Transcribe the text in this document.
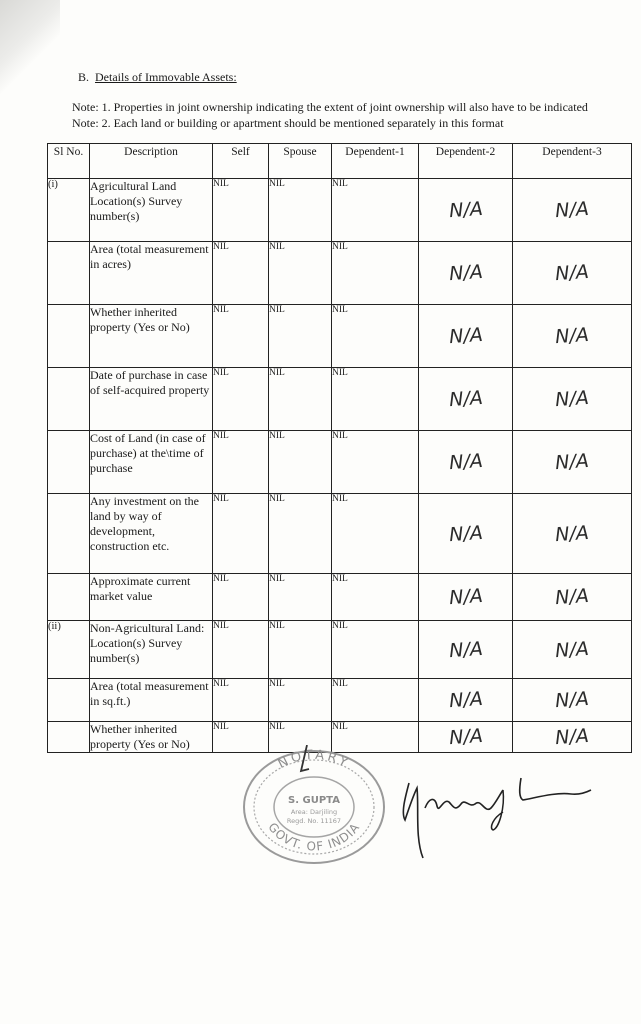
B. Details of Immovable Assets:
Note: 1. Properties in joint ownership indicating the extent of joint ownership will also have to be indicated
Note: 2. Each land or building or apartment should be mentioned separately in this format
Sl No.	Description	Self	Spouse	Dependent-1	Dependent-2	Dependent-3
(i)	Agricultural Land Location(s) Survey number(s)	NIL	NIL	NIL	N/A	N/A

	Area (total measurement in acres)	NIL	NIL	NIL	N/A	N/A

	Whether inherited property (Yes or No)	NIL	NIL	NIL	N/A	N/A

	Date of purchase in case of self-acquired property	NIL	NIL	NIL	N/A	N/A

	Cost of Land (in case of purchase) at the\time of purchase	NIL	NIL	NIL	N/A	N/A

	Any investment on the land by way of development, construction etc.	NIL	NIL	NIL	N/A	N/A

	Approximate current market value	NIL	NIL	NIL	N/A	N/A

(ii)	Non-Agricultural Land: Location(s) Survey number(s)	NIL	NIL	NIL	N/A	N/A

	Area (total measurement in sq.ft.)	NIL	NIL	NIL	N/A	N/A

	Whether inherited property (Yes or No)	NIL	NIL	NIL	N/A	N/A
NOTARY
GOVT. OF INDIA
S. GUPTA
Area: Darjiling
Regd. No. 11167
